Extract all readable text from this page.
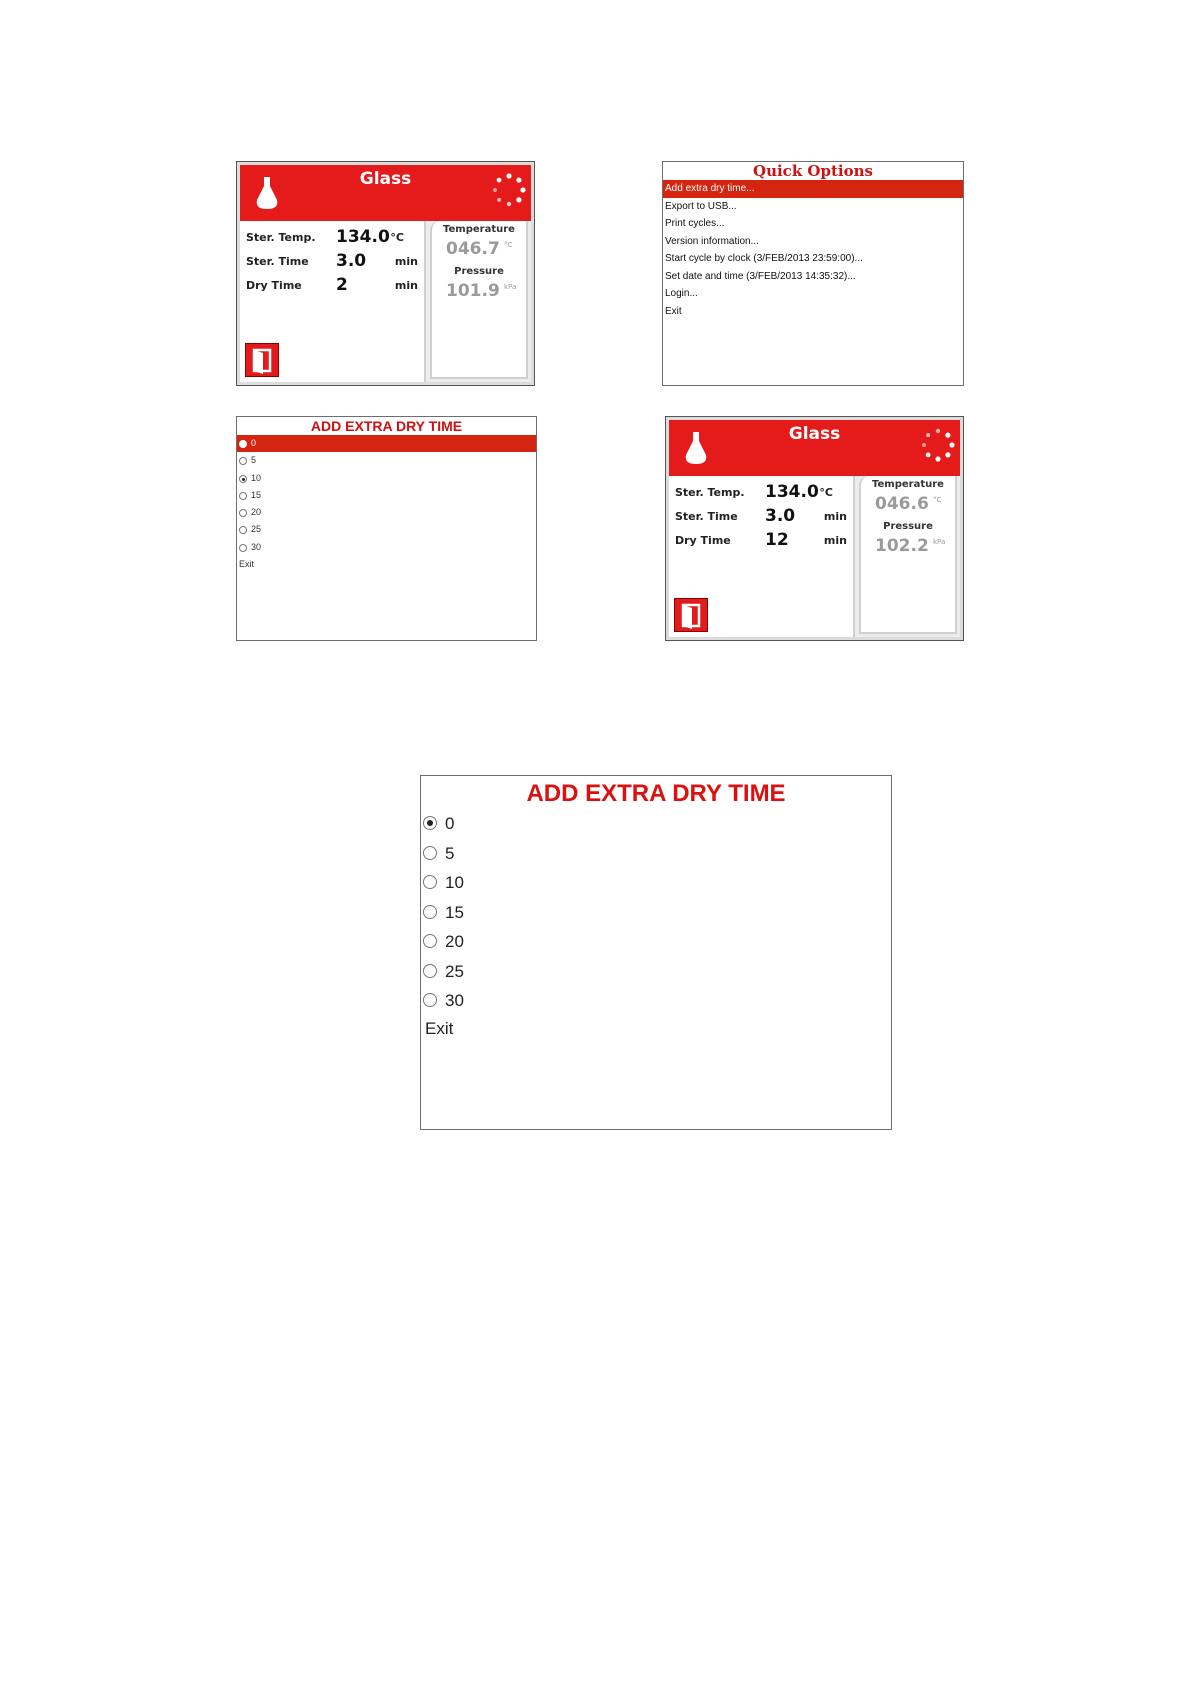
Glass
Ster. Temp. 134.0 °C
Ster. Time 3.0	min
Dry Time 2	min
Temperature
046.7 °C
Pressure
101.9 kPa
Quick Options
Add extra dry time...
Export to USB...
Print cycles...
Version information...
Start cycle by clock (3/FEB/2013 23:59:00)...
Set date and time (3/FEB/2013 14:35:32)...
Login...
Exit
ADD EXTRA DRY TIME
0
5
10
15
20
25
30
Exit
Glass
Ster. Temp. 134.0 °C
Ster. Time 3.0	min
Dry Time 12	min
Temperature
046.6 °C
Pressure
102.2 kPa
ADD EXTRA DRY TIME
0
5
10
15
20
25
30
Exit
